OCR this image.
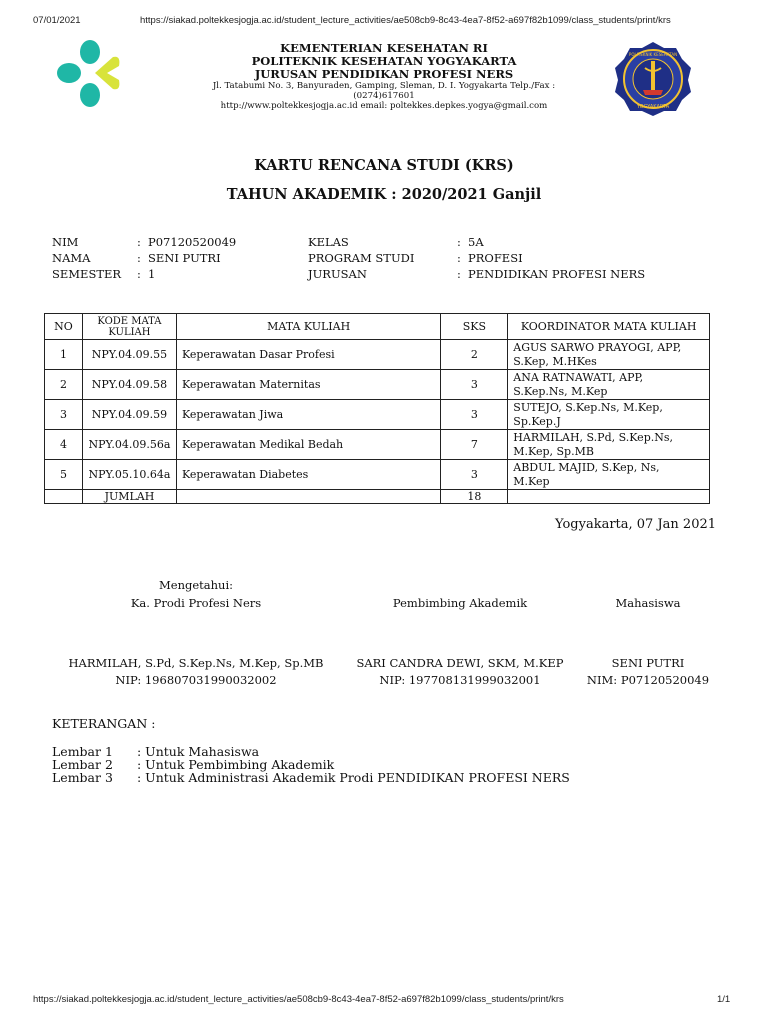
07/01/2021	https://siakad.poltekkesjogja.ac.id/student_lecture_activities/ae508cb9-8c43-4ea7-8f52-a697f82b1099/class_students/print/krs
https://siakad.poltekkesjogja.ac.id/student_lecture_activities/ae508cb9-8c43-4ea7-8f52-a697f82b1099/class_students/print/krs	1/1
YOGYAKARTA
POLITEKNIK KESEHATAN
KEMENTERIAN KESEHATAN RI
POLITEKNIK KESEHATAN YOGYAKARTA
JURUSAN PENDIDIKAN PROFESI NERS
Jl. Tatabumi No. 3, Banyuraden, Gamping, Sleman, D. I. Yogyakarta Telp./Fax :
(0274)617601
http://www.poltekkesjogja.ac.id email: poltekkes.depkes.yogya@gmail.com
KARTU RENCANA STUDI (KRS)
TAHUN AKADEMIK : 2020/2021 Ganjil
NIM	: P07120520049
NAMA	: SENI PUTRI
SEMESTER : 1
KELAS	: 5A
PROGRAM STUDI	: PROFESI
JURUSAN	: PENDIDIKAN PROFESI NERS
NO	KODE MATA KULIAH	MATA KULIAH	SKS	KOORDINATOR MATA KULIAH
1	NPY.04.09.55	Keperawatan Dasar Profesi	2	AGUS SARWO PRAYOGI, APP,
S.Kep, M.HKes

2	NPY.04.09.58	Keperawatan Maternitas	3	ANA RATNAWATI, APP,
S.Kep.Ns, M.Kep

3	NPY.04.09.59	Keperawatan Jiwa	3	SUTEJO, S.Kep.Ns, M.Kep,
Sp.Kep.J

4	NPY.04.09.56a	Keperawatan Medikal Bedah	7	HARMILAH, S.Pd, S.Kep.Ns,
M.Kep, Sp.MB

5	NPY.05.10.64a	Keperawatan Diabetes	3	ABDUL MAJID, S.Kep, Ns,
M.Kep

	JUMLAH		18	
Yogyakarta, 07 Jan 2021
Mengetahui:
Ka. Prodi Profesi Ners
HARMILAH, S.Pd, S.Kep.Ns, M.Kep, Sp.MB
NIP: 196807031990032002
Pembimbing Akademik
SARI CANDRA DEWI, SKM, M.KEP
NIP: 197708131999032001
Mahasiswa
SENI PUTRI
NIM: P07120520049
KETERANGAN :
Lembar 1 : Untuk Mahasiswa
Lembar 2 : Untuk Pembimbing Akademik
Lembar 3 : Untuk Administrasi Akademik Prodi PENDIDIKAN PROFESI NERS
